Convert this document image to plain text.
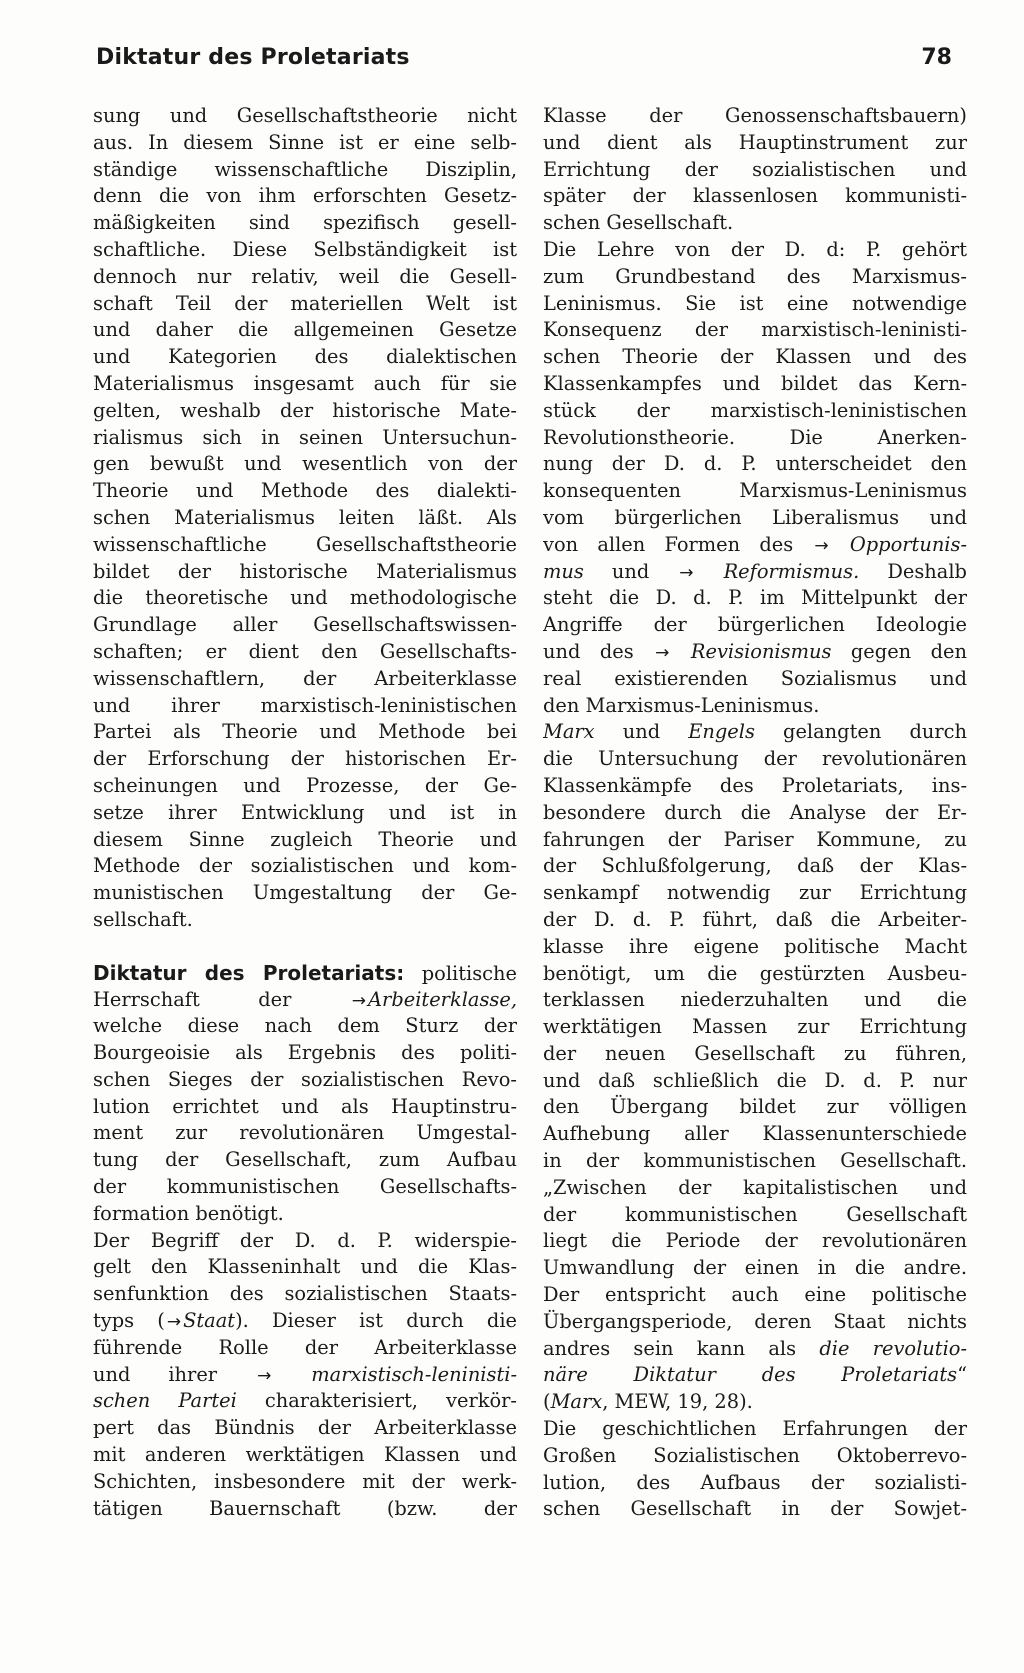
Diktatur des Proletariats	78
sung und Gesellschaftstheorie nicht
aus. In diesem Sinne ist er eine selb-
ständige wissenschaftliche Disziplin,
denn die von ihm erforschten Gesetz-
mäßigkeiten sind spezifisch gesell-
schaftliche. Diese Selbständigkeit ist
dennoch nur relativ, weil die Gesell-
schaft Teil der materiellen Welt ist
und daher die allgemeinen Gesetze
und Kategorien des dialektischen
Materialismus insgesamt auch für sie
gelten, weshalb der historische Mate-
rialismus sich in seinen Untersuchun-
gen bewußt und wesentlich von der
Theorie und Methode des dialekti-
schen Materialismus leiten läßt. Als
wissenschaftliche Gesellschaftstheorie
bildet der historische Materialismus
die theoretische und methodologische
Grundlage aller Gesellschaftswissen-
schaften; er dient den Gesellschafts-
wissenschaftlern, der Arbeiterklasse
und ihrer marxistisch-leninistischen
Partei als Theorie und Methode bei
der Erforschung der historischen Er-
scheinungen und Prozesse, der Ge-
setze ihrer Entwicklung und ist in
diesem Sinne zugleich Theorie und
Methode der sozialistischen und kom-
munistischen Umgestaltung der Ge-
sellschaft.
Diktatur des Proletariats: politische
Herrschaft der	→ Arbeiterklasse,
welche diese nach dem Sturz der
Bourgeoisie als Ergebnis des politi-
schen Sieges der sozialistischen Revo-
lution errichtet und als Hauptinstru-
ment zur revolutionären Umgestal-
tung der Gesellschaft, zum Aufbau
der kommunistischen Gesellschafts-
formation benötigt.
Der Begriff der D. d. P. widerspie-
gelt den Klasseninhalt und die Klas-
senfunktion des sozialistischen Staats-
typs ( → Staat). Dieser ist durch die
führende Rolle der Arbeiterklasse
und ihrer → marxistisch-leninisti-
schen Partei charakterisiert, verkör-
pert das Bündnis der Arbeiterklasse
mit anderen werktätigen Klassen und
Schichten, insbesondere mit der werk-
tätigen Bauernschaft (bzw. der
Klasse der Genossenschaftsbauern)
und dient als Hauptinstrument zur
Errichtung der sozialistischen und
später der klassenlosen kommunisti-
schen Gesellschaft.
Die Lehre von der D. d: P. gehört
zum Grundbestand des Marxismus-
Leninismus. Sie ist eine notwendige
Konsequenz der marxistisch-leninisti-
schen Theorie der Klassen und des
Klassenkampfes und bildet das Kern-
stück der marxistisch-leninistischen
Revolutionstheorie. Die Anerken-
nung der D. d. P. unterscheidet den
konsequenten Marxismus-Leninismus
vom bürgerlichen Liberalismus und
von allen Formen des → Opportunis-
mus und → Reformismus. Deshalb
steht die D. d. P. im Mittelpunkt der
Angriffe der bürgerlichen Ideologie
und des → Revisionismus gegen den
real existierenden Sozialismus und
den Marxismus-Leninismus.
Marx und Engels gelangten durch
die Untersuchung der revolutionären
Klassenkämpfe des Proletariats, ins-
besondere durch die Analyse der Er-
fahrungen der Pariser Kommune, zu
der Schlußfolgerung, daß der Klas-
senkampf notwendig zur Errichtung
der D. d. P. führt, daß die Arbeiter-
klasse ihre eigene politische Macht
benötigt, um die gestürzten Ausbeu-
terklassen niederzuhalten und die
werktätigen Massen zur Errichtung
der neuen Gesellschaft zu führen,
und daß schließlich die D. d. P. nur
den Übergang bildet zur völligen
Aufhebung aller Klassenunterschiede
in der kommunistischen Gesellschaft.
„Zwischen der kapitalistischen und
der kommunistischen Gesellschaft
liegt die Periode der revolutionären
Umwandlung der einen in die andre.
Der entspricht auch eine politische
Übergangsperiode, deren Staat nichts
andres sein kann als die revolutio-
näre Diktatur des Proletariats“
(Marx, MEW, 19, 28).
Die geschichtlichen Erfahrungen der
Großen Sozialistischen Oktoberrevo-
lution, des Aufbaus der sozialisti-
schen Gesellschaft in der Sowjet-
